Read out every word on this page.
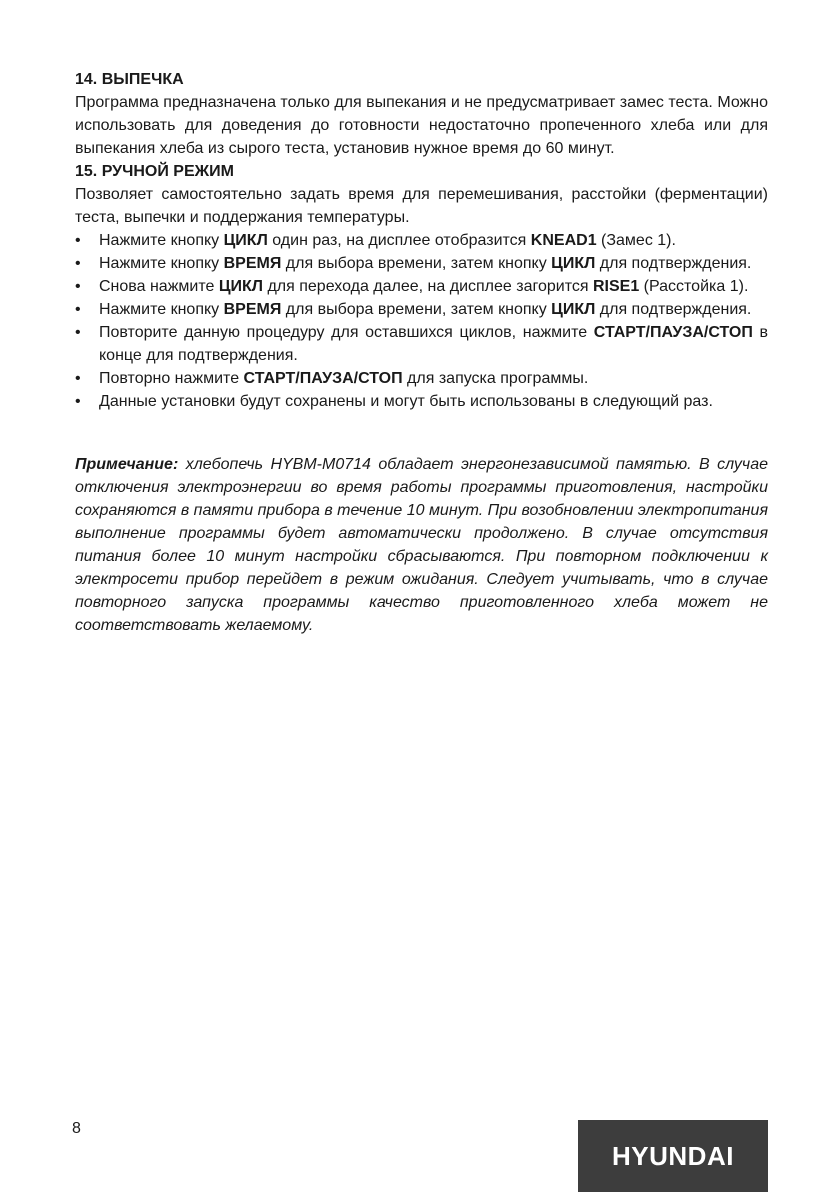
14. ВЫПЕЧКА

Программа предназначена только для выпекания и не предусматривает замес теста. Можно использовать для доведения до готовности недостаточно пропеченного хлеба или для выпекания хлеба из сырого теста, установив нужное время до 60 минут.

15. РУЧНОЙ РЕЖИМ

Позволяет самостоятельно задать время для перемешивания, расстойки (ферментации) теста, выпечки и поддержания температуры.

• Нажмите кнопку ЦИКЛ один раз, на дисплее отобразится KNEAD1 (Замес 1).
• Нажмите кнопку ВРЕМЯ для выбора времени, затем кнопку ЦИКЛ для подтверждения.
• Снова нажмите ЦИКЛ для перехода далее, на дисплее загорится RISE1 (Расстойка 1).
• Нажмите кнопку ВРЕМЯ для выбора времени, затем кнопку ЦИКЛ для подтверждения.
• Повторите данную процедуру для оставшихся циклов, нажмите СТАРТ/ПАУЗА/СТОП в конце для подтверждения.
• Повторно нажмите СТАРТ/ПАУЗА/СТОП для запуска программы.
• Данные установки будут сохранены и могут быть использованы в следующий раз.

Примечание: хлебопечь HYBM-M0714 обладает энергонезависимой памятью. В случае отключения электроэнергии во время работы программы приготовления, настройки сохраняются в памяти прибора в течение 10 минут. При возобновлении электропитания выполнение программы будет автоматически продолжено. В случае отсутствия питания более 10 минут настройки сбрасываются. При повторном подключении к электросети прибор перейдет в режим ожидания. Следует учитывать, что в случае повторного запуска программы качество приготовленного хлеба может не соответствовать желаемому.

8
HYUNDAI
